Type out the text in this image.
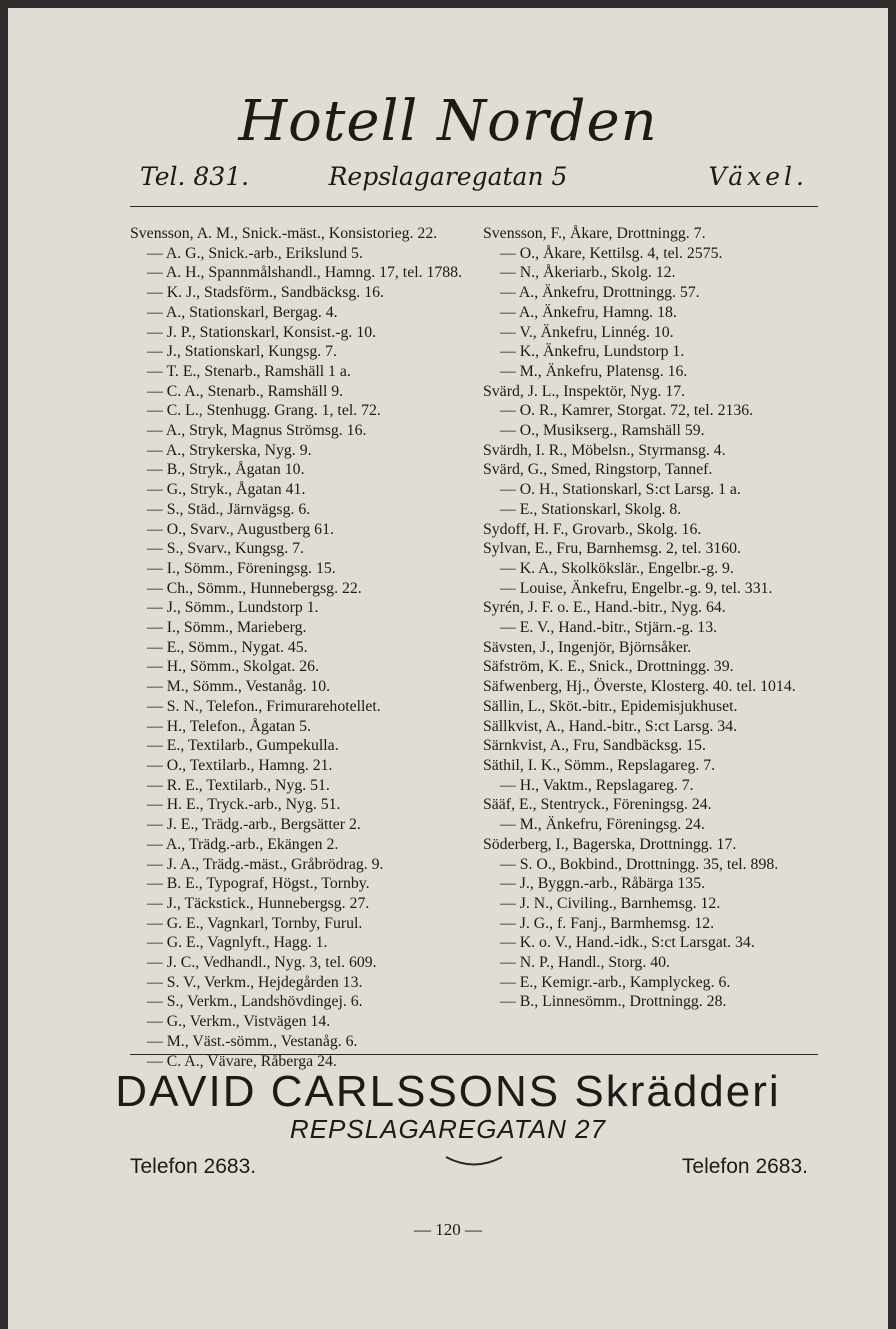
Hotell Norden
Tel. 831.	Repslagaregatan 5	Växel.
Svensson, A. M., Snick.-mäst., Konsistorieg. 22.
— A. G., Snick.-arb., Erikslund 5.
— A. H., Spannmålshandl., Hamng. 17, tel. 1788.
— K. J., Stadsförm., Sandbäcksg. 16.
— A., Stationskarl, Bergag. 4.
— J. P., Stationskarl, Konsist.-g. 10.
— J., Stationskarl, Kungsg. 7.
— T. E., Stenarb., Ramshäll 1 a.
— C. A., Stenarb., Ramshäll 9.
— C. L., Stenhugg. Grang. 1, tel. 72.
— A., Stryk, Magnus Strömsg. 16.
— A., Strykerska, Nyg. 9.
— B., Stryk., Ågatan 10.
— G., Stryk., Ågatan 41.
— S., Städ., Järnvägsg. 6.
— O., Svarv., Augustberg 61.
— S., Svarv., Kungsg. 7.
— I., Sömm., Föreningsg. 15.
— Ch., Sömm., Hunnebergsg. 22.
— J., Sömm., Lundstorp 1.
— I., Sömm., Marieberg.
— E., Sömm., Nygat. 45.
— H., Sömm., Skolgat. 26.
— M., Sömm., Vestanåg. 10.
— S. N., Telefon., Frimurarehotellet.
— H., Telefon., Ågatan 5.
— E., Textilarb., Gumpekulla.
— O., Textilarb., Hamng. 21.
— R. E., Textilarb., Nyg. 51.
— H. E., Tryck.-arb., Nyg. 51.
— J. E., Trädg.-arb., Bergsätter 2.
— A., Trädg.-arb., Ekängen 2.
— J. A., Trädg.-mäst., Gråbrödrag. 9.
— B. E., Typograf, Högst., Tornby.
— J., Täckstick., Hunnebergsg. 27.
— G. E., Vagnkarl, Tornby, Furul.
— G. E., Vagnlyft., Hagg. 1.
— J. C., Vedhandl., Nyg. 3, tel. 609.
— S. V., Verkm., Hejdegården 13.
— S., Verkm., Landshövdingej. 6.
— G., Verkm., Vistvägen 14.
— M., Väst.-sömm., Vestanåg. 6.
— C. A., Vävare, Råberga 24.
Svensson, F., Åkare, Drottningg. 7.
— O., Åkare, Kettilsg. 4, tel. 2575.
— N., Åkeriarb., Skolg. 12.
— A., Änkefru, Drottningg. 57.
— A., Änkefru, Hamng. 18.
— V., Änkefru, Linnég. 10.
— K., Änkefru, Lundstorp 1.
— M., Änkefru, Platensg. 16.
Svärd, J. L., Inspektör, Nyg. 17.
— O. R., Kamrer, Storgat. 72, tel. 2136.
— O., Musikserg., Ramshäll 59.
Svärdh, I. R., Möbelsn., Styrmansg. 4.
Svärd, G., Smed, Ringstorp, Tannef.
— O. H., Stationskarl, S:ct Larsg. 1 a.
— E., Stationskarl, Skolg. 8.
Sydoff, H. F., Grovarb., Skolg. 16.
Sylvan, E., Fru, Barnhemsg. 2, tel. 3160.
— K. A., Skolkökslär., Engelbr.-g. 9.
— Louise, Änkefru, Engelbr.-g. 9, tel. 331.
Syrén, J. F. o. E., Hand.-bitr., Nyg. 64.
— E. V., Hand.-bitr., Stjärn.-g. 13.
Sävsten, J., Ingenjör, Björnsåker.
Säfström, K. E., Snick., Drottningg. 39.
Säfwenberg, Hj., Överste, Klosterg. 40. tel. 1014.
Sällin, L., Sköt.-bitr., Epidemisjukhuset.
Sällkvist, A., Hand.-bitr., S:ct Larsg. 34.
Särnkvist, A., Fru, Sandbäcksg. 15.
Säthil, I. K., Sömm., Repslagareg. 7.
— H., Vaktm., Repslagareg. 7.
Sääf, E., Stentryck., Föreningsg. 24.
— M., Änkefru, Föreningsg. 24.
Söderberg, I., Bagerska, Drottningg. 17.
— S. O., Bokbind., Drottningg. 35, tel. 898.
— J., Byggn.-arb., Råbärga 135.
— J. N., Civiling., Barnhemsg. 12.
— J. G., f. Fanj., Barmhemsg. 12.
— K. o. V., Hand.-idk., S:ct Larsgat. 34.
— N. P., Handl., Storg. 40.
— E., Kemigr.-arb., Kamplyckeg. 6.
— B., Linnesömm., Drottningg. 28.
DAVID CARLSSONS Skrädderi
REPSLAGAREGATAN 27
Telefon 2683.	Telefon 2683.
— 120 —
